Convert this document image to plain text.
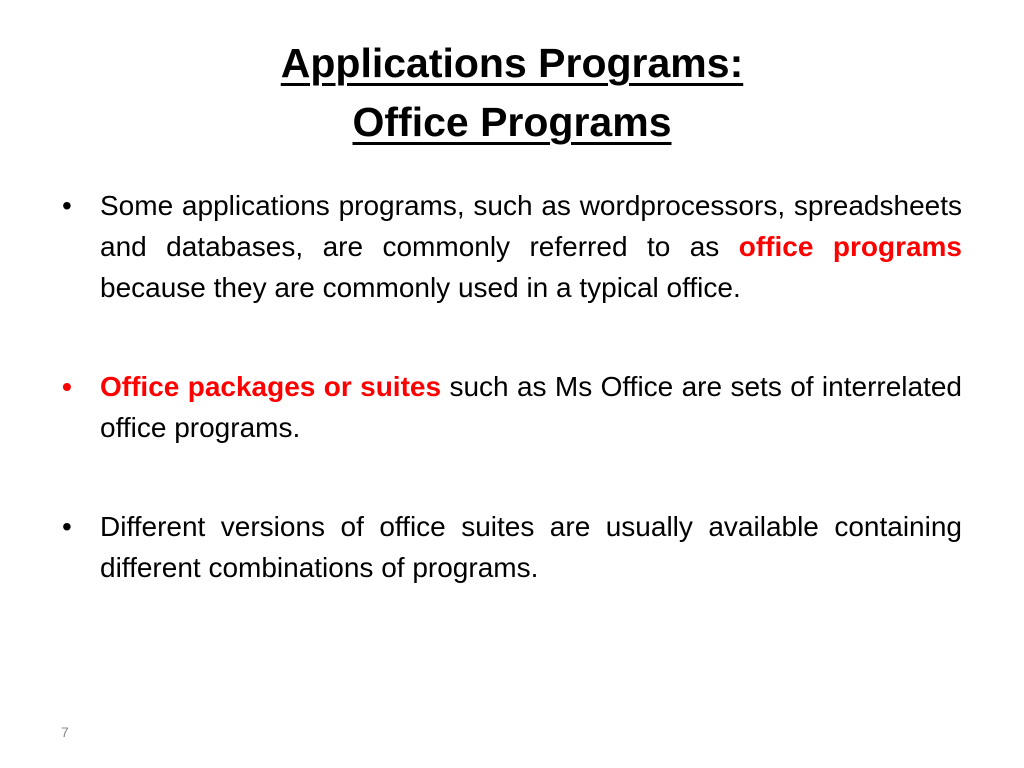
Applications Programs:
Office Programs
•	Some applications programs, such as wordprocessors, spreadsheets and databases, are commonly referred to as office programs because they are commonly used in a typical office.
•	Office packages or suites such as Ms Office are sets of interrelated office programs.
•	Different versions of office suites are usually available containing different combinations of programs.
7
